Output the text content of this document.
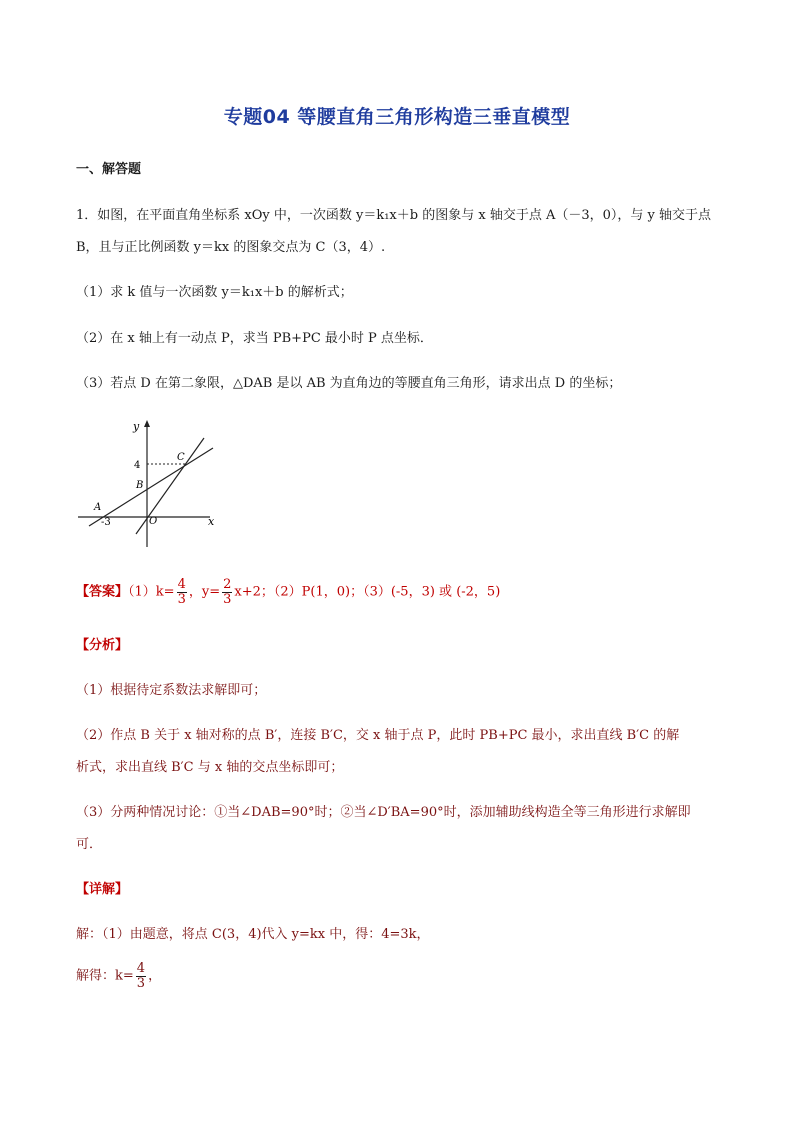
专题04 等腰直角三角形构造三垂直模型
一、解答题
1．如图，在平面直角坐标系 xOy 中，一次函数 y＝k₁x＋b 的图象与 x 轴交于点 A（－3，0），与 y 轴交于点
B，且与正比例函数 y＝kx 的图象交点为 C（3，4）.
（1）求 k 值与一次函数 y＝k₁x＋b 的解析式；
（2）在 x 轴上有一动点 P，求当 PB+PC 最小时 P 点坐标．
（3）若点 D 在第二象限，△DAB 是以 AB 为直角边的等腰直角三角形，请求出点 D 的坐标；
y
x
O
A
B
C
4
-3
【答案】$(1)k= \frac{4}{3}$ ，$y= \frac{2}{3} x+2$；（2）P(1，0)；（3）(-5，3) 或 (-2，5)
【分析】
（1）根据待定系数法求解即可；
（2）作点 B 关于 x 轴对称的点 B′，连接 B′C，交 x 轴于点 P，此时 PB+PC 最小，求出直线 B′C 的解
析式，求出直线 B′C 与 x 轴的交点坐标即可；
（3）分两种情况讨论：①当∠DAB=90°时；②当∠D′BA=90°时，添加辅助线构造全等三角形进行求解即
可．
【详解】
解：（1）由题意，将点 C(3，4)代入 y=kx 中，得：4=3k，
解得：$k= \frac{4}{3}$ ，
